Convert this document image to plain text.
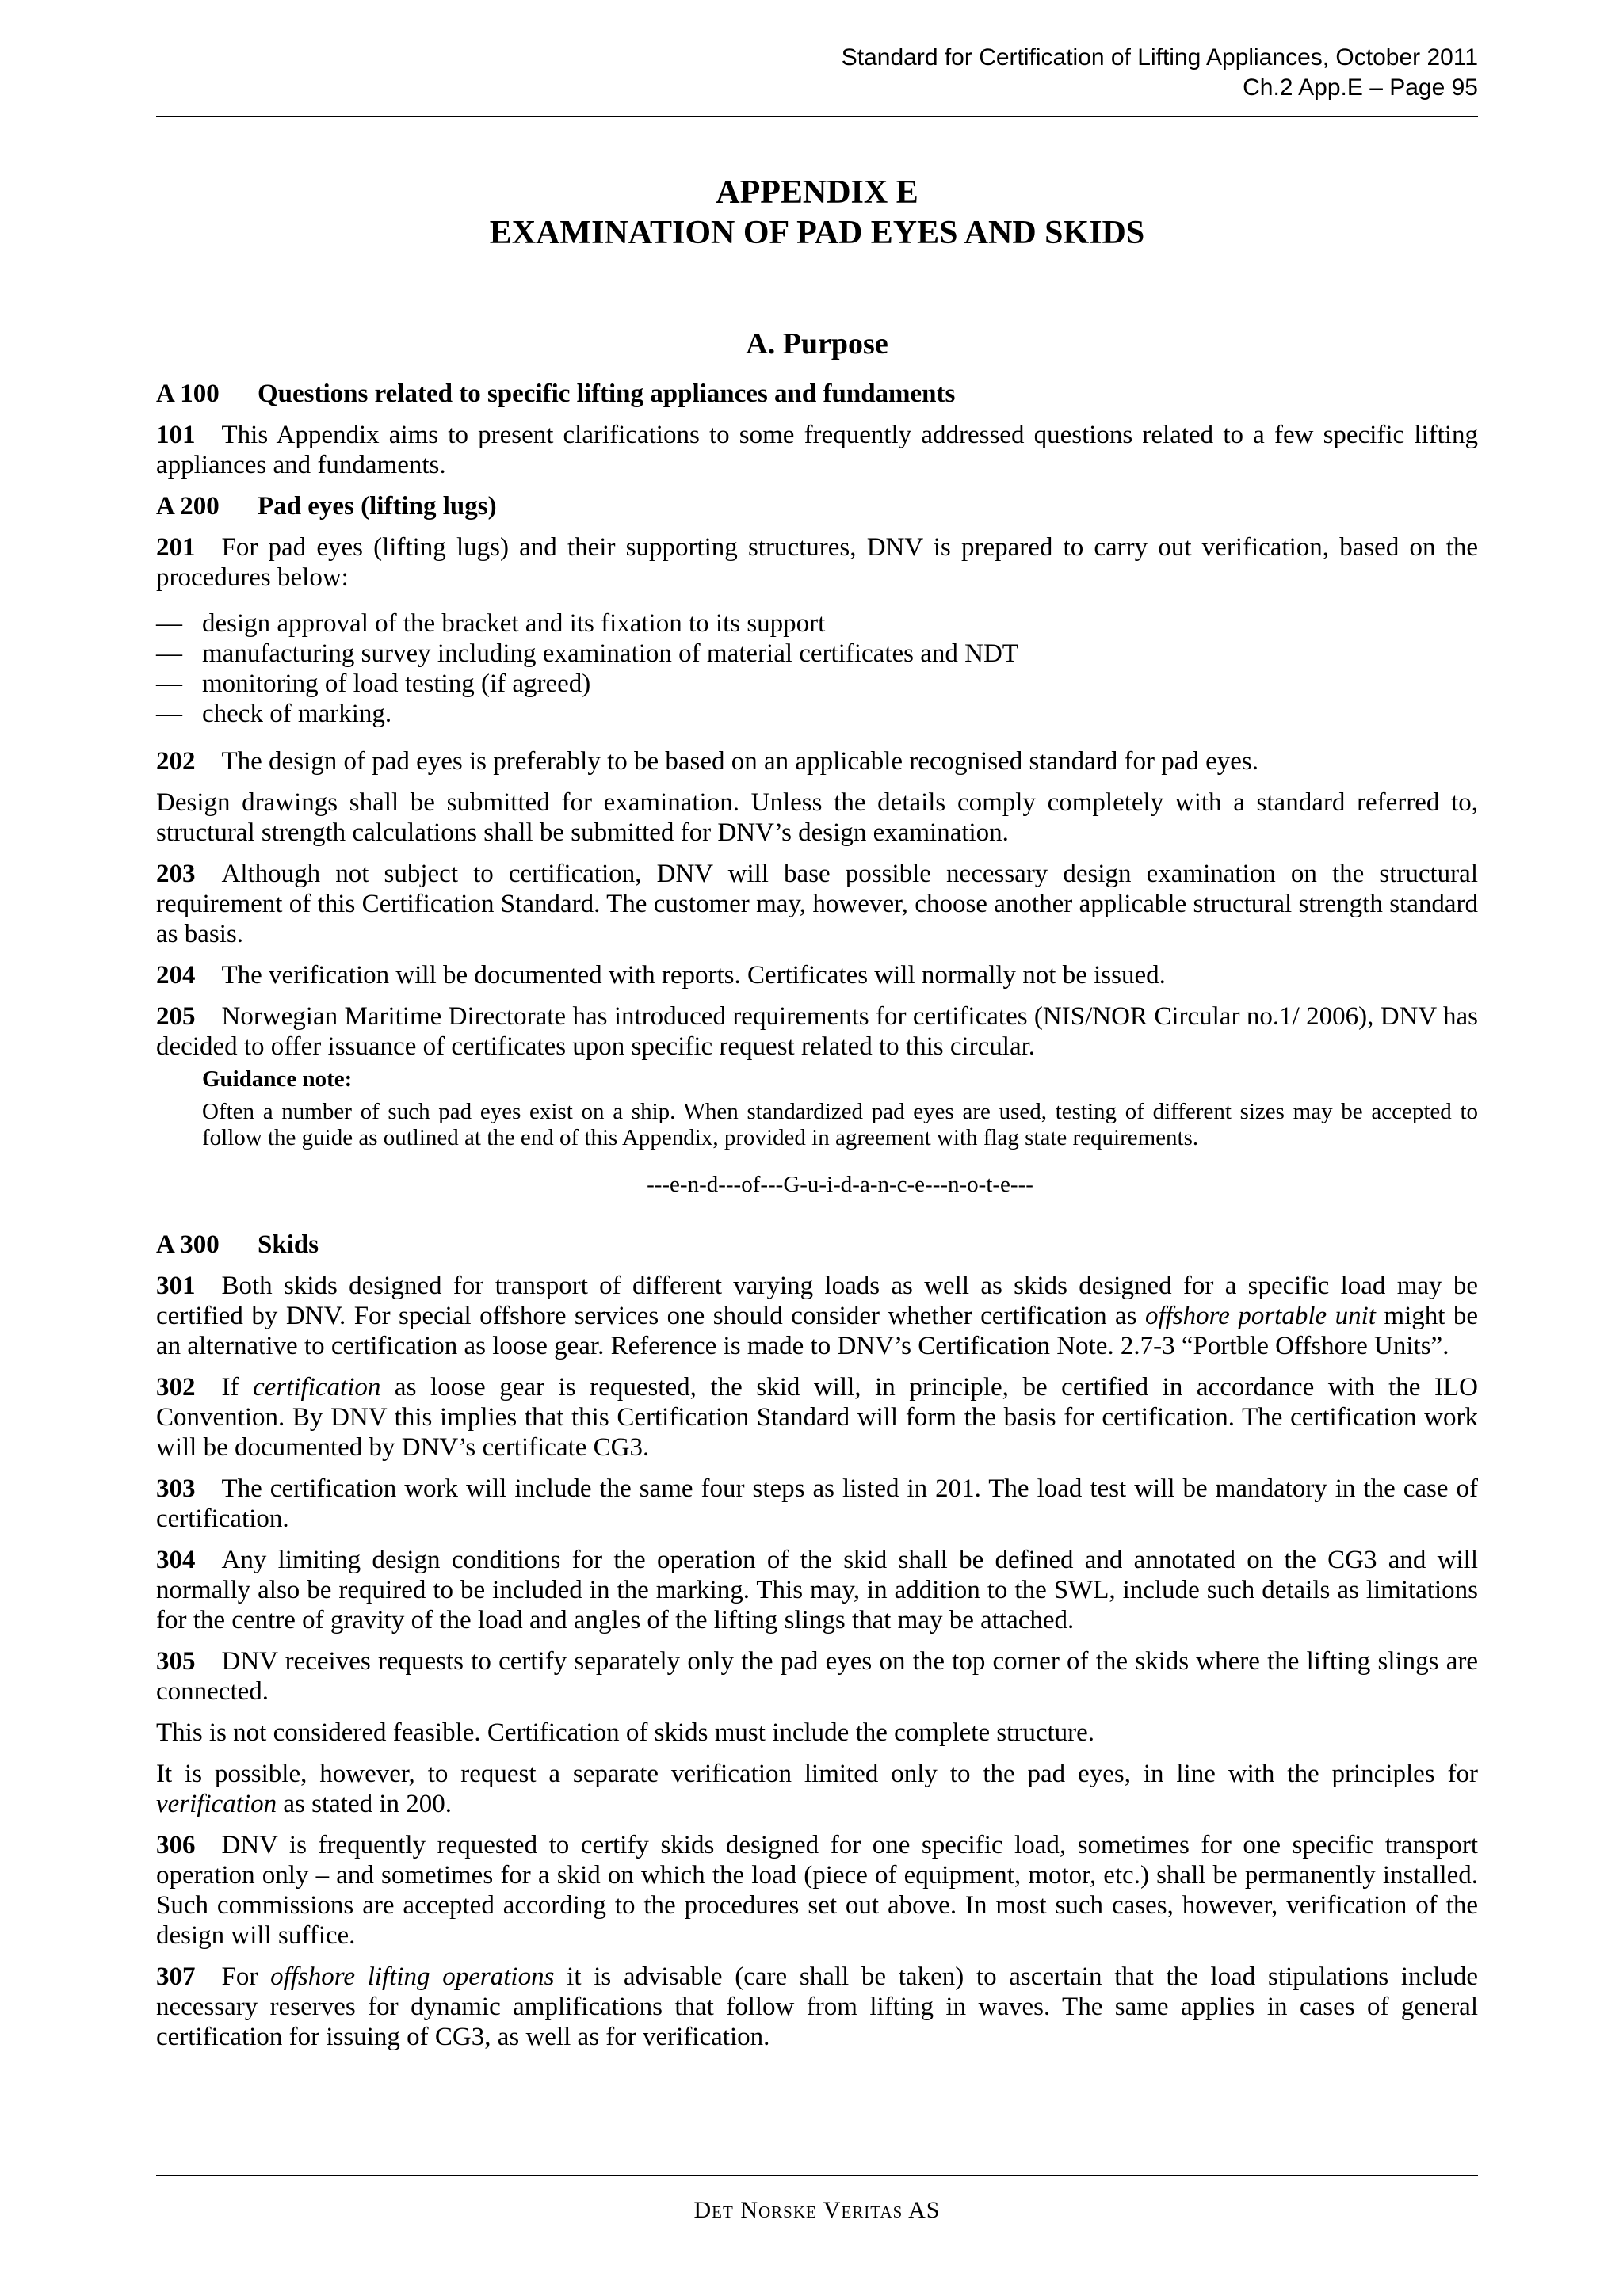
Standard for Certification of Lifting Appliances, October 2011
Ch.2 App.E – Page 95
APPENDIX E
EXAMINATION OF PAD EYES AND SKIDS
A. Purpose
A 100 Questions related to specific lifting appliances and fundaments

101 This Appendix aims to present clarifications to some frequently addressed questions related to a few specific lifting appliances and fundaments.

A 200 Pad eyes (lifting lugs)

201 For pad eyes (lifting lugs) and their supporting structures, DNV is prepared to carry out verification, based on the procedures below:

— design approval of the bracket and its fixation to its support
— manufacturing survey including examination of material certificates and NDT
— monitoring of load testing (if agreed)
— check of marking.

202 The design of pad eyes is preferably to be based on an applicable recognised standard for pad eyes.

Design drawings shall be submitted for examination. Unless the details comply completely with a standard referred to, structural strength calculations shall be submitted for DNV’s design examination.

203 Although not subject to certification, DNV will base possible necessary design examination on the structural requirement of this Certification Standard. The customer may, however, choose another applicable structural strength standard as basis.

204 The verification will be documented with reports. Certificates will normally not be issued.

205 Norwegian Maritime Directorate has introduced requirements for certificates (NIS/NOR Circular no.1/ 2006), DNV has decided to offer issuance of certificates upon specific request related to this circular.

Guidance note:

Often a number of such pad eyes exist on a ship. When standardized pad eyes are used, testing of different sizes may be accepted to follow the guide as outlined at the end of this Appendix, provided in agreement with flag state requirements.

---e-n-d---of---G-u-i-d-a-n-c-e---n-o-t-e---

A 300 Skids

301 Both skids designed for transport of different varying loads as well as skids designed for a specific load may be certified by DNV. For special offshore services one should consider whether certification as offshore portable unit might be an alternative to certification as loose gear. Reference is made to DNV’s Certification Note. 2.7-3 “Portble Offshore Units”.

302 If certification as loose gear is requested, the skid will, in principle, be certified in accordance with the ILO Convention. By DNV this implies that this Certification Standard will form the basis for certification. The certification work will be documented by DNV’s certificate CG3.

303 The certification work will include the same four steps as listed in 201. The load test will be mandatory in the case of certification.

304 Any limiting design conditions for the operation of the skid shall be defined and annotated on the CG3 and will normally also be required to be included in the marking. This may, in addition to the SWL, include such details as limitations for the centre of gravity of the load and angles of the lifting slings that may be attached.

305 DNV receives requests to certify separately only the pad eyes on the top corner of the skids where the lifting slings are connected.

This is not considered feasible. Certification of skids must include the complete structure.

It is possible, however, to request a separate verification limited only to the pad eyes, in line with the principles for verification as stated in 200.

306 DNV is frequently requested to certify skids designed for one specific load, sometimes for one specific transport operation only – and sometimes for a skid on which the load (piece of equipment, motor, etc.) shall be permanently installed. Such commissions are accepted according to the procedures set out above. In most such cases, however, verification of the design will suffice.

307 For offshore lifting operations it is advisable (care shall be taken) to ascertain that the load stipulations include necessary reserves for dynamic amplifications that follow from lifting in waves. The same applies in cases of general certification for issuing of CG3, as well as for verification.

Det Norske Veritas AS
